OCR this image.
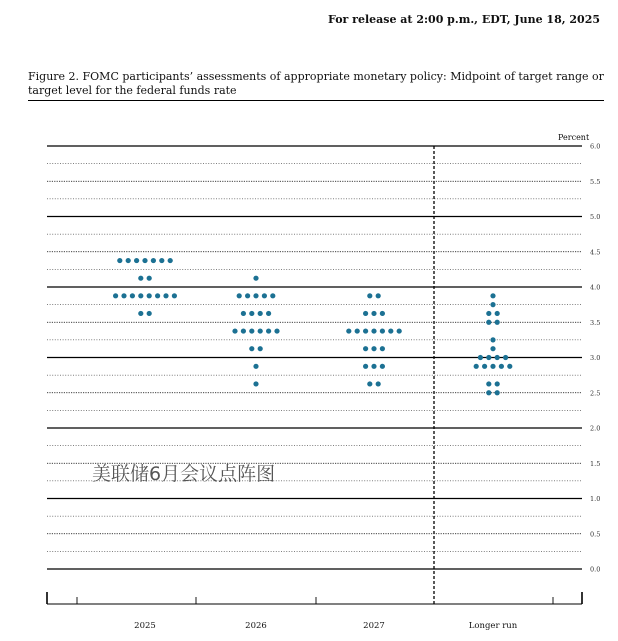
For release at 2:00 p.m., EDT, June 18, 2025
Figure 2. FOMC participants’ assessments of appropriate monetary policy: Midpoint of target range or target level for the federal funds rate
0.0
0.5
1.0
1.5
2.0
2.5
3.0
3.5
4.0
4.5
5.0
5.5
6.0
Percent
2025	2026	2027	Longer run
美联储6月会议点阵图
